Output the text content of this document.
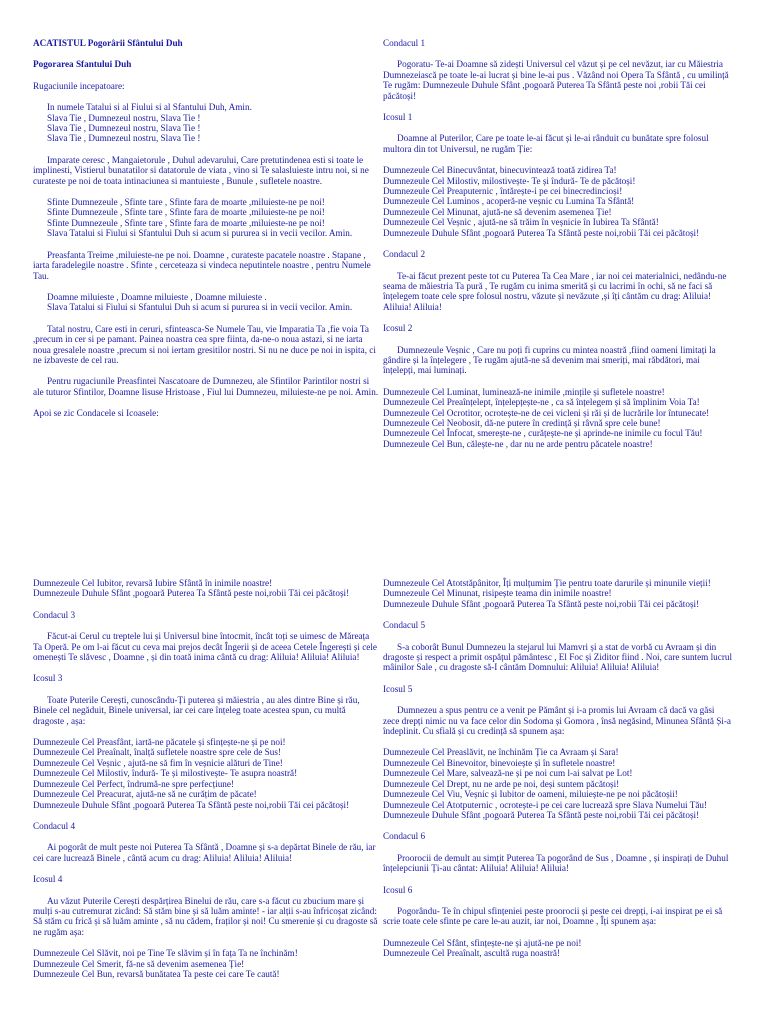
ACATISTUL Pogorârii Sfântului Duh
Pogorarea Sfantului Duh
Rugaciunile incepatoare:
In numele Tatalui si al Fiului si al Sfantului Duh, Amin.
Slava Tie , Dumnezeul nostru, Slava Tie !
Slava Tie , Dumnezeul nostru, Slava Tie !
Slava Tie , Dumnezeul nostru, Slava Tie !
Imparate ceresc , Mangaietorule , Duhul adevarului, Care pretutindenea esti si toate le implinesti, Vistierul bunatatilor si datatorule de viata , vino si Te salasluieste intru noi, si ne curateste pe noi de toata intinaciunea si mantuieste , Bunule , sufletele noastre.
Sfinte Dumnezeule , Sfinte tare , Sfinte fara de moarte ,miluieste-ne pe noi!
Sfinte Dumnezeule , Sfinte tare , Sfinte fara de moarte ,miluieste-ne pe noi!
Sfinte Dumnezeule , Sfinte tare , Sfinte fara de moarte ,miluieste-ne pe noi!
Slava Tatalui si Fiului si Sfantului Duh si acum si pururea si in vecii vecilor. Amin.
Preasfanta Treime ,miluieste-ne pe noi. Doamne , curateste pacatele noastre . Stapane , iarta faradelegile noastre . Sfinte , cerceteaza si vindeca neputintele noastre , pentru Numele Tau.
Doamne miluieste , Doamne miluieste , Doamne miluieste .
Slava Tatalui si Fiului si Sfantului Duh si acum si pururea si in vecii vecilor. Amin.
Tatal nostru, Care esti in ceruri, sfinteasca-Se Numele Tau, vie Imparatia Ta ,fie voia Ta ,precum in cer si pe pamant. Painea noastra cea spre fiinta, da-ne-o noua astazi, si ne iarta noua gresalele noastre ,precum si noi iertam gresitilor nostri. Si nu ne duce pe noi in ispita, ci ne izbaveste de cel rau.
Pentru rugaciunile Preasfintei Nascatoare de Dumnezeu, ale Sfintilor Parintilor nostri si ale tuturor Sfintilor, Doamne Iisuse Hristoase , Fiul lui Dumnezeu, miluieste-ne pe noi. Amin.
Apoi se zic Condacele si Icoasele:
Condacul 1
Pogoratu- Te-ai Doamne să zidești Universul cel văzut și pe cel nevăzut, iar cu Măiestria Dumnezeiască pe toate le-ai lucrat și bine le-ai pus . Văzând noi Opera Ta Sfântă , cu umilință Te rugăm: Dumnezeule Duhule Sfânt ,pogoară Puterea Ta Sfântă peste noi ,robii Tăi cei păcătoși!
Icosul 1
Doamne al Puterilor, Care pe toate le-ai făcut și le-ai rânduit cu bunătate spre folosul multora din tot Universul, ne rugăm Ție:
Dumnezeule Cel Binecuvântat, binecuvintează toată zidirea Ta!
Dumnezeule Cel Milostiv, milostivește- Te și îndură- Te de păcătoși!
Dumnezeule Cel Preaputernic , întărește-i pe cei binecredincioși!
Dumnezeule Cel Luminos , acoperă-ne veșnic cu Lumina Ta Sfântă!
Dumnezeule Cel Minunat, ajută-ne să devenim asemenea Ție!
Dumnezeule Cel Veșnic , ajută-ne să trăim în veșnicie în Iubirea Ta Sfântă!
Dumnezeule Duhule Sfânt ,pogoară Puterea Ta Sfântă peste noi,robii Tăi cei păcătoși!
Condacul 2
Te-ai făcut prezent peste tot cu Puterea Ta Cea Mare , iar noi cei materialnici, nedându-ne seama de măiestria Ta pură , Te rugăm cu inima smerită și cu lacrimi în ochi, să ne faci să înțelegem toate cele spre folosul nostru, văzute și nevăzute ,și îți cântăm cu drag: Aliluia! Aliluia! Aliluia!
Icosul 2
Dumnezeule Veșnic , Care nu poți fi cuprins cu mintea noastră ,fiind oameni limitați la gândire și la înțelegere , Te rugăm ajută-ne să devenim mai smeriți, mai răbdători, mai înțelepți, mai luminați.
Dumnezeule Cel Luminat, luminează-ne inimile ,mințile și sufletele noastre!
Dumnezeule Cel Preaînțelept, înțelepțește-ne , ca să înțelegem și să împlinim Voia Ta!
Dumnezeule Cel Ocrotitor, ocrotește-ne de cei vicleni și răi și de lucrările lor întunecate!
Dumnezeule Cel Neobosit, dă-ne putere în credință și râvnă spre cele bune!
Dumnezeule Cel Înfocat, smerește-ne , curățește-ne și aprinde-ne inimile cu focul Tău!
Dumnezeule Cel Bun, călește-ne , dar nu ne arde pentru păcatele noastre!
Dumnezeule Cel Iubitor, revarsă Iubire Sfântă în inimile noastre!
Dumnezeule Duhule Sfânt ,pogoară Puterea Ta Sfântă peste noi,robii Tăi cei păcătoși!
Condacul 3
Făcut-ai Cerul cu treptele lui și Universul bine întocmit, încât toți se uimesc de Măreața Ta Operă. Pe om l-ai făcut cu ceva mai prejos decât Îngerii și de aceea Cetele Îngerești și cele omenești Te slăvesc , Doamne , și din toată inima cântă cu drag: Aliluia! Aliluia! Aliluia!
Icosul 3
Toate Puterile Cerești, cunoscându-Ți puterea și măiestria , au ales dintre Bine și rău, Binele cel negăduit, Binele universal, iar cei care înțeleg toate acestea spun, cu multă dragoste , așa:
Dumnezeule Cel Preasfânt, iartă-ne păcatele și sfințește-ne și pe noi!
Dumnezeule Cel Preaînalt, înalță sufletele noastre spre cele de Sus!
Dumnezeule Cel Veșnic , ajută-ne să fim în veșnicie alături de Tine!
Dumnezeule Cel Milostiv, îndură- Te și milostivește- Te asupra noastră!
Dumnezeule Cel Perfect, îndrumă-ne spre perfecțiune!
Dumnezeule Cel Preacurat, ajută-ne să ne curățim de păcate!
Dumnezeule Duhule Sfânt ,pogoară Puterea Ta Sfântă peste noi,robii Tăi cei păcătoși!
Condacul 4
Ai pogorât de mult peste noi Puterea Ta Sfântă , Doamne și s-a depărtat Binele de rău, iar cei care lucrează Binele , cântă acum cu drag: Aliluia! Aliluia! Aliluia!
Icosul 4
Au văzut Puterile Cerești despărțirea Binelui de rău, care s-a făcut cu zbucium mare și mulți s-au cutremurat zicând: Să stăm bine și să luăm aminte! - iar alții s-au înfricoșat zicând: Să stăm cu frică și să luăm aminte , să nu cădem, fraților și noi! Cu smerenie și cu dragoste să ne rugăm așa:
Dumnezeule Cel Slăvit, noi pe Tine Te slăvim și în fața Ta ne închinăm!
Dumnezeule Cel Smerit, fă-ne să devenim asemenea Ție!
Dumnezeule Cel Bun, revarsă bunătatea Ta peste cei care Te caută!
Dumnezeule Cel Atotstăpânitor, Îți mulțumim Ție pentru toate darurile și minunile vieții!
Dumnezeule Cel Minunat, risipește teama din inimile noastre!
Dumnezeule Duhule Sfânt ,pogoară Puterea Ta Sfântă peste noi,robii Tăi cei păcătoși!
Condacul 5
S-a coborât Bunul Dumnezeu la stejarul lui Mamvri și a stat de vorbă cu Avraam și din dragoste și respect a primit ospățul pământesc , El Foc și Ziditor fiind . Noi, care suntem lucrul mâinilor Sale , cu dragoste să-I cântăm Domnului: Aliluia! Aliluia! Aliluia!
Icosul 5
Dumnezeu a spus pentru ce a venit pe Pământ și i-a promis lui Avraam că dacă va găsi zece drepți nimic nu va face celor din Sodoma și Gomora , însă negăsind, Minunea Sfântă Și-a îndeplinit. Cu sfială și cu credință să spunem așa:
Dumnezeule Cel Preaslăvit, ne închinăm Ție ca Avraam și Sara!
Dumnezeule Cel Binevoitor, binevoiește și în sufletele noastre!
Dumnezeule Cel Mare, salvează-ne și pe noi cum l-ai salvat pe Lot!
Dumnezeule Cel Drept, nu ne arde pe noi, deși suntem păcătoși!
Dumnezeule Cel Viu, Veșnic și Iubitor de oameni, miluiește-ne pe noi păcătoșii!
Dumnezeule Cel Atotputernic , ocrotește-i pe cei care lucrează spre Slava Numelui Tău!
Dumnezeule Duhule Sfânt ,pogoară Puterea Ta Sfântă peste noi,robii Tăi cei păcătoși!
Condacul 6
Proorocii de demult au simțit Puterea Ta pogorând de Sus , Doamne , și inspirați de Duhul înțelepciunii Ți-au cântat: Aliluia! Aliluia! Aliluia!
Icosul 6
Pogorându- Te în chipul sfințeniei peste proorocii și peste cei drepți, i-ai inspirat pe ei să scrie toate cele sfinte pe care le-au auzit, iar noi, Doamne , Îți spunem așa:
Dumnezeule Cel Sfânt, sfințește-ne și ajută-ne pe noi!
Dumnezeule Cel Preaînalt, ascultă ruga noastră!
